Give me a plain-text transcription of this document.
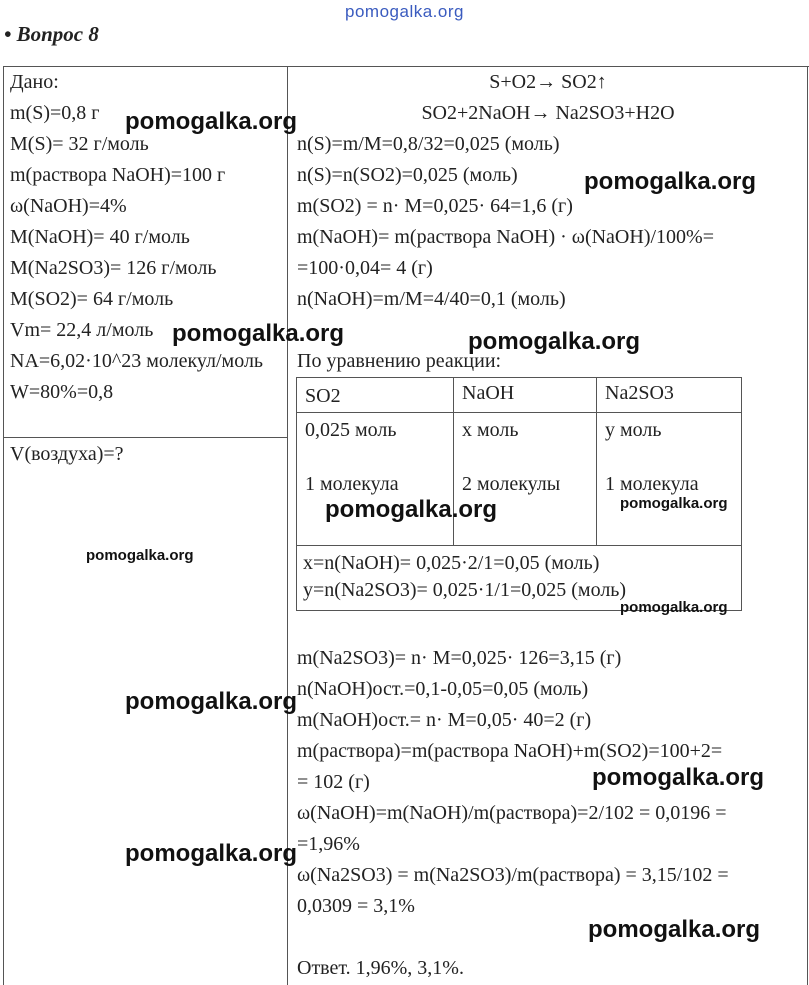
pomogalka.org
• Вопрос 8
Дано:
m(S)=0,8 г
M(S)= 32 г/моль
m(раствора NaOH)=100 г
ω(NaOH)=4%
M(NaOH)= 40 г/моль
M(Na2SO3)= 126 г/моль
M(SO2)= 64 г/моль
Vm= 22,4 л/моль
NA=6,02·10^23 молекул/моль
W=80%=0,8
V(воздуха)=?
S+O2→ SO2↑
SO2+2NaOH→ Na2SO3+H2O
n(S)=m/M=0,8/32=0,025 (моль)
n(S)=n(SO2)=0,025 (моль)
m(SO2) = n· M=0,025· 64=1,6 (г)
m(NaOH)= m(раствора NaOH) · ω(NaOH)/100%=
=100·0,04= 4 (г)
n(NaOH)=m/M=4/40=0,1 (моль)
По уравнению реакции:
SO2	NaOH	Na2SO3
0,025 моль	x моль	y моль
1 молекула	2 молекулы 1 молекула
x=n(NaOH)= 0,025·2/1=0,05 (моль)
y=n(Na2SO3)= 0,025·1/1=0,025 (моль)
m(Na2SO3)= n· M=0,025· 126=3,15 (г)
n(NaOH)ост.=0,1-0,05=0,05 (моль)
m(NaOH)ост.= n· M=0,05· 40=2 (г)
m(раствора)=m(раствора NaOH)+m(SO2)=100+2=
= 102 (г)
ω(NaOH)=m(NaOH)/m(раствора)=2/102 = 0,0196 =
=1,96%
ω(Na2SO3) = m(Na2SO3)/m(раствора) = 3,15/102 =
0,0309 = 3,1%
Ответ. 1,96%, 3,1%.
pomogalka.org
pomogalka.org
pomogalka.org	pomogalka.org
pomogalka.org	pomogalka.org
pomogalka.org
pomogalka.org
pomogalka.org
pomogalka.org
pomogalka.org
pomogalka.org
